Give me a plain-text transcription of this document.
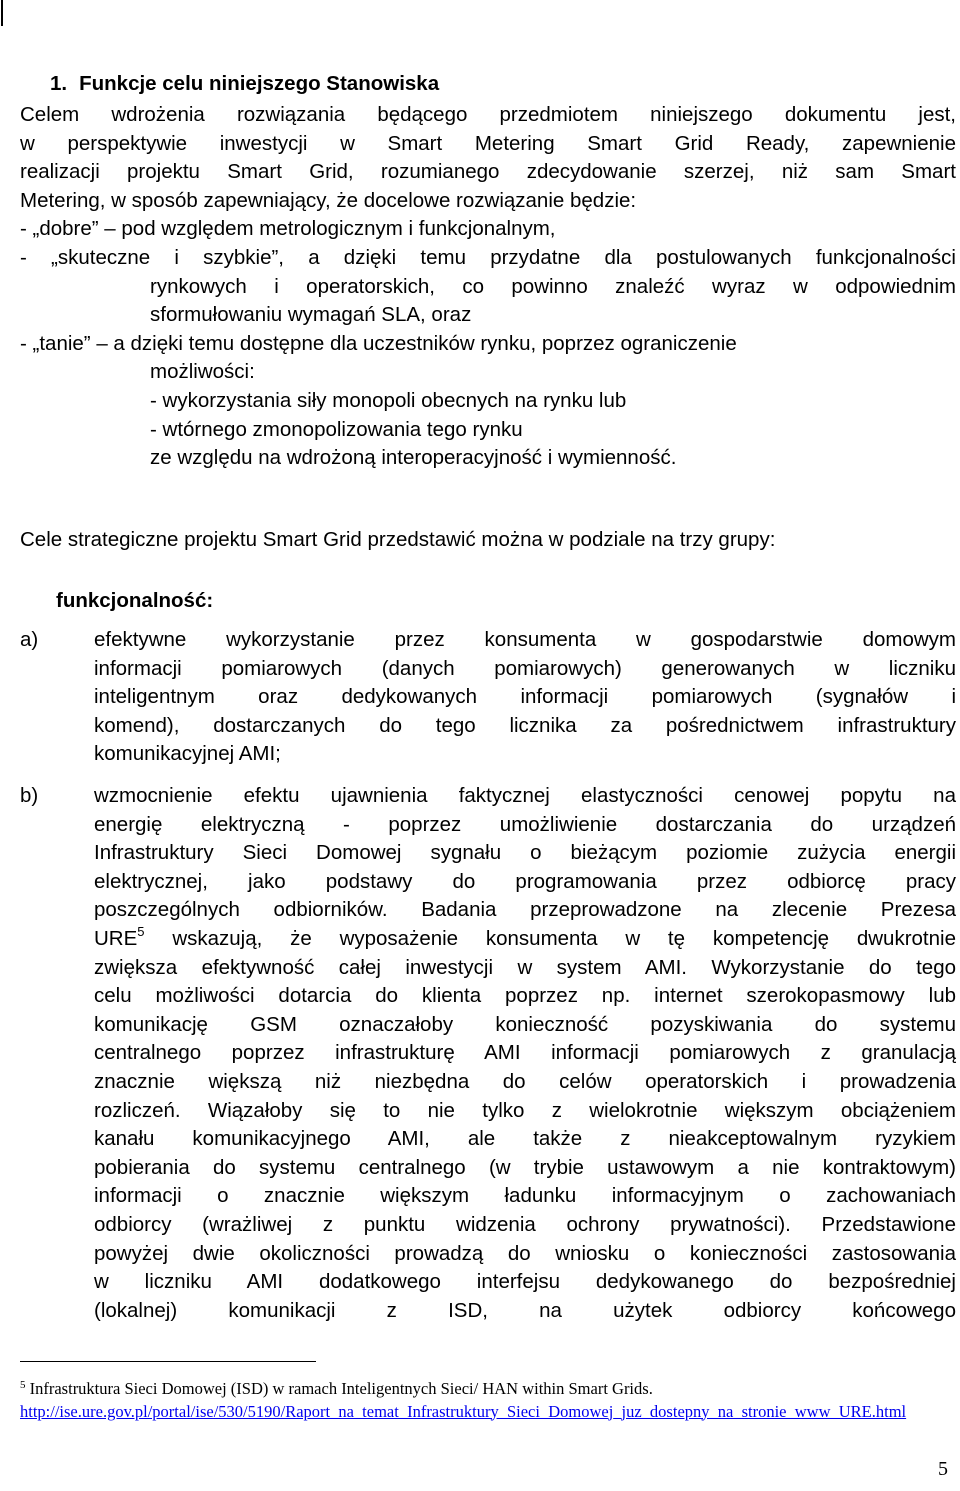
1. Funkcje celu niniejszego Stanowiska
Celem wdrożenia rozwiązania będącego przedmiotem niniejszego dokumentu jest,
w perspektywie inwestycji w Smart Metering Smart Grid Ready, zapewnienie
realizacji projektu Smart Grid, rozumianego zdecydowanie szerzej, niż sam Smart
Metering, w sposób zapewniający, że docelowe rozwiązanie będzie:
- „dobre” – pod względem metrologicznym i funkcjonalnym,
- „skuteczne i szybkie”, a dzięki temu przydatne dla postulowanych funkcjonalności
rynkowych i operatorskich, co powinno znaleźć wyraz w odpowiednim
sformułowaniu wymagań SLA, oraz
- „tanie” – a dzięki temu dostępne dla uczestników rynku, poprzez ograniczenie
możliwości:
- wykorzystania siły monopoli obecnych na rynku lub
- wtórnego zmonopolizowania tego rynku
ze względu na wdrożoną interoperacyjność i wymienność.
Cele strategiczne projektu Smart Grid przedstawić można w podziale na trzy grupy:
funkcjonalność:
a)	efektywne wykorzystanie przez konsumenta w gospodarstwie domowym
informacji pomiarowych (danych pomiarowych) generowanych w liczniku
inteligentnym oraz dedykowanych informacji pomiarowych (sygnałów i
komend), dostarczanych do tego licznika za pośrednictwem infrastruktury
komunikacyjnej AMI;
b)	wzmocnienie efektu ujawnienia faktycznej elastyczności cenowej popytu na
energię elektryczną - poprzez umożliwienie dostarczania do urządzeń
Infrastruktury Sieci Domowej sygnału o bieżącym poziomie zużycia energii
elektrycznej, jako podstawy do programowania przez odbiorcę pracy
poszczególnych odbiorników. Badania przeprowadzone na zlecenie Prezesa
URE$^5$ wskazują, że wyposażenie konsumenta w tę kompetencję dwukrotnie
zwiększa efektywność całej inwestycji w system AMI. Wykorzystanie do tego
celu możliwości dotarcia do klienta poprzez np. internet szerokopasmowy lub
komunikację GSM oznaczałoby konieczność pozyskiwania do systemu
centralnego poprzez infrastrukturę AMI informacji pomiarowych z granulacją
znacznie większą niż niezbędna do celów operatorskich i prowadzenia
rozliczeń. Wiązałoby się to nie tylko z wielokrotnie większym obciążeniem
kanału komunikacyjnego AMI, ale także z nieakceptowalnym ryzykiem
pobierania do systemu centralnego (w trybie ustawowym a nie kontraktowym)
informacji o znacznie większym ładunku informacyjnym o zachowaniach
odbiorcy (wrażliwej z punktu widzenia ochrony prywatności). Przedstawione
powyżej dwie okoliczności prowadzą do wniosku o konieczności zastosowania
w liczniku AMI dodatkowego interfejsu dedykowanego do bezpośredniej
(lokalnej) komunikacji z ISD, na użytek odbiorcy końcowego
$^5$ Infrastruktura Sieci Domowej (ISD) w ramach Inteligentnych Sieci/ HAN within Smart Grids.
http://ise.ure.gov.pl/portal/ise/530/5190/Raport_na_temat_Infrastruktury_Sieci_Domowej_juz_dostepny_na_stronie_www_URE.html
5
